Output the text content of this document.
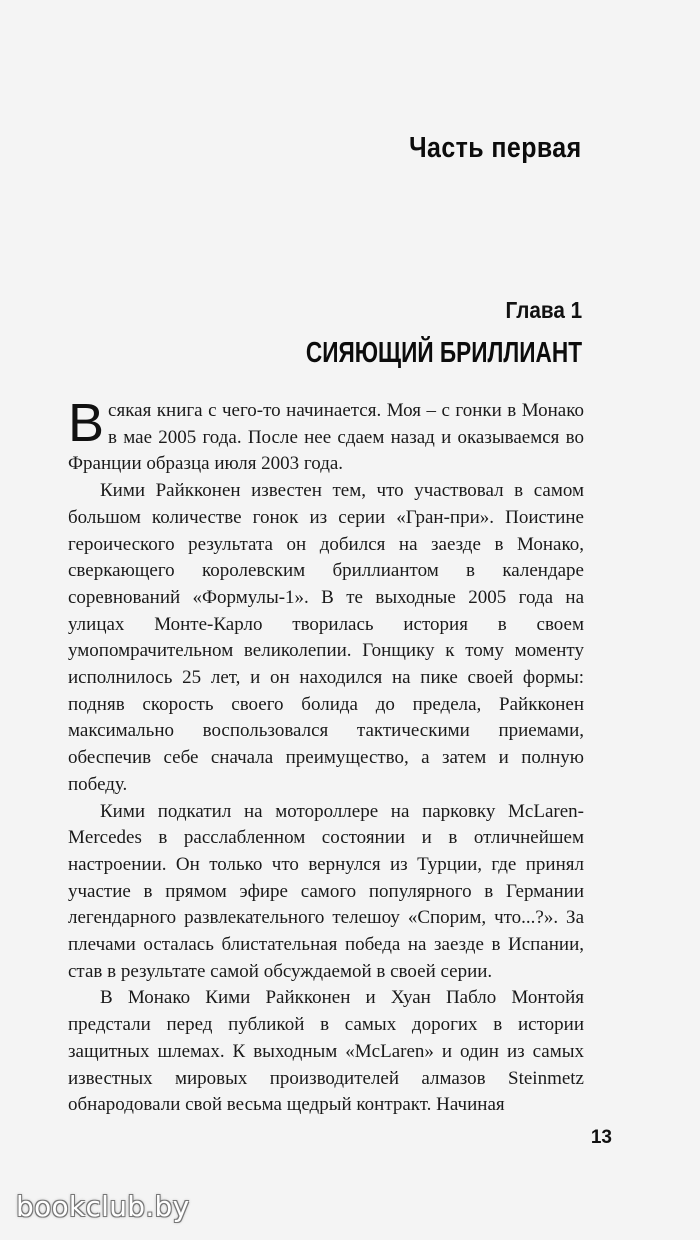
Часть первая
Глава 1
СИЯЮЩИЙ БРИЛЛИАНТ

Всякая книга с чего-то начинается. Моя – с гонки в Монако в мае 2005 года. После нее сдаем назад и оказываемся во Франции образца июля 2003 года.

Кими Райкконен известен тем, что участвовал в самом большом количестве гонок из серии «Гран-при». Поистине героического результата он добился на заезде в Монако, сверкающего королевским бриллиантом в календаре соревнований «Формулы-1». В те выходные 2005 года на улицах Монте-Карло творилась история в своем умопомрачительном великолепии. Гонщику к тому моменту исполнилось 25 лет, и он находился на пике своей формы: подняв скорость своего болида до предела, Райкконен максимально воспользовался тактическими приемами, обеспечив себе сначала преимущество, а затем и полную победу.

Кими подкатил на мотороллере на парковку McLaren-Mercedes в расслабленном состоянии и в отличнейшем настроении. Он только что вернулся из Турции, где принял участие в прямом эфире самого популярного в Германии легендарного развлекательного телешоу «Спорим, что...?». За плечами осталась блистательная победа на заезде в Испании, став в результате самой обсуждаемой в своей серии.

В Монако Кими Райкконен и Хуан Пабло Монтойя предстали перед публикой в самых дорогих в истории защитных шлемах. К выходным «McLaren» и один из самых известных мировых производителей алмазов Steinmetz обнародовали свой весьма щедрый контракт. Начиная

13
bookclub.by
